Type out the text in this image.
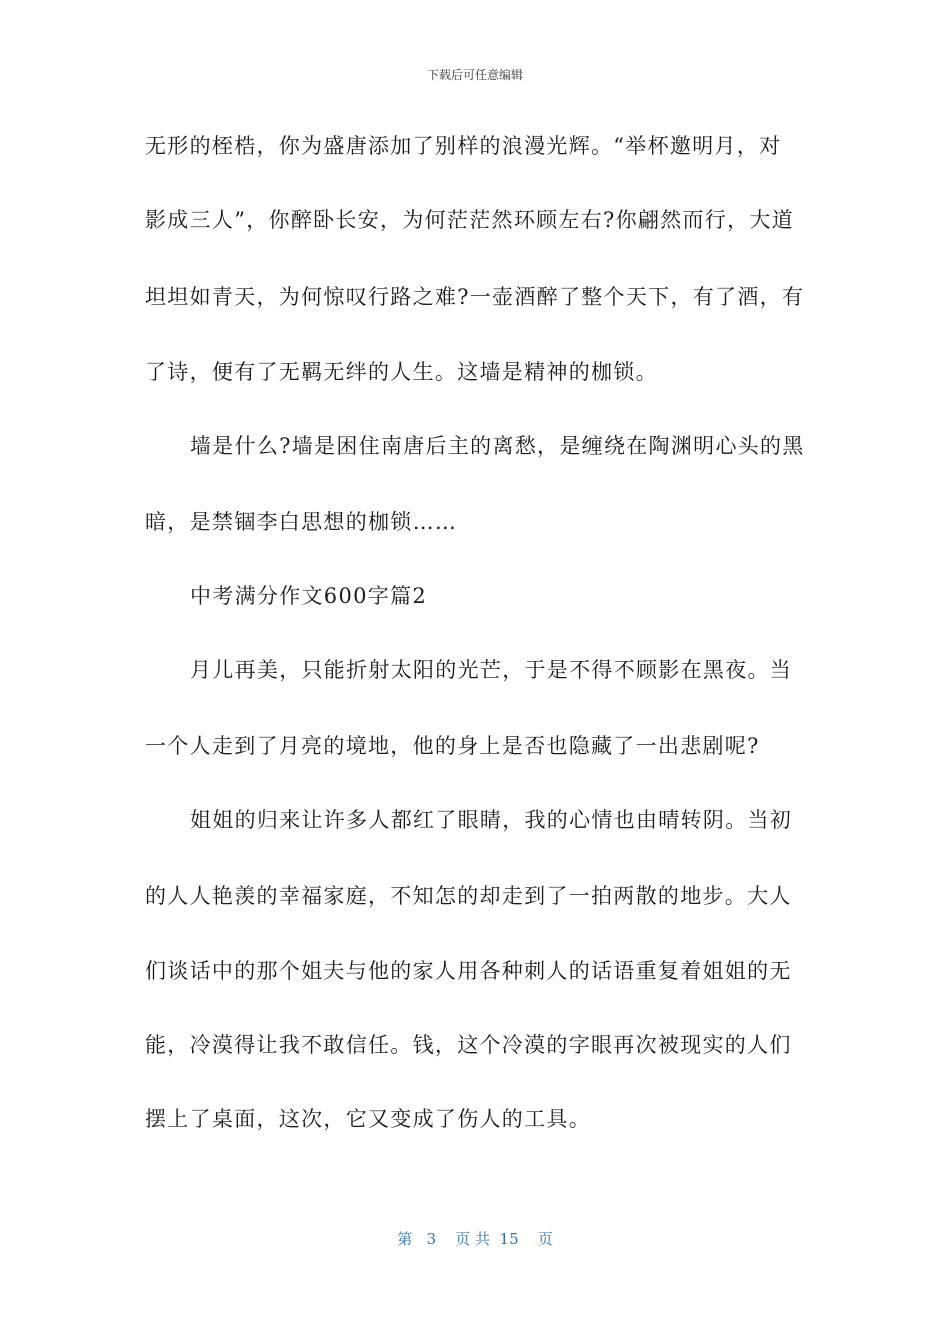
下载后可任意编辑
无形的桎梏，你为盛唐添加了别样的浪漫光辉。“举杯邀明月，对
影成三人”，你醉卧长安，为何茫茫然环顾左右?你翩然而行，大道
坦坦如青天，为何惊叹行路之难?一壶酒醉了整个天下，有了酒，有
了诗，便有了无羁无绊的人生。这墙是精神的枷锁。
墙是什么?墙是困住南唐后主的离愁，是缠绕在陶渊明心头的黑
暗，是禁锢李白思想的枷锁……
中考满分作文600字篇2
月儿再美，只能折射太阳的光芒，于是不得不顾影在黑夜。当
一个人走到了月亮的境地，他的身上是否也隐藏了一出悲剧呢?
姐姐的归来让许多人都红了眼睛，我的心情也由晴转阴。当初
的人人艳羡的幸福家庭，不知怎的却走到了一拍两散的地步。大人
们谈话中的那个姐夫与他的家人用各种刺人的话语重复着姐姐的无
能，冷漠得让我不敢信任。钱，这个冷漠的字眼再次被现实的人们
摆上了桌面，这次，它又变成了伤人的工具。
第 3 页 共 15 页
